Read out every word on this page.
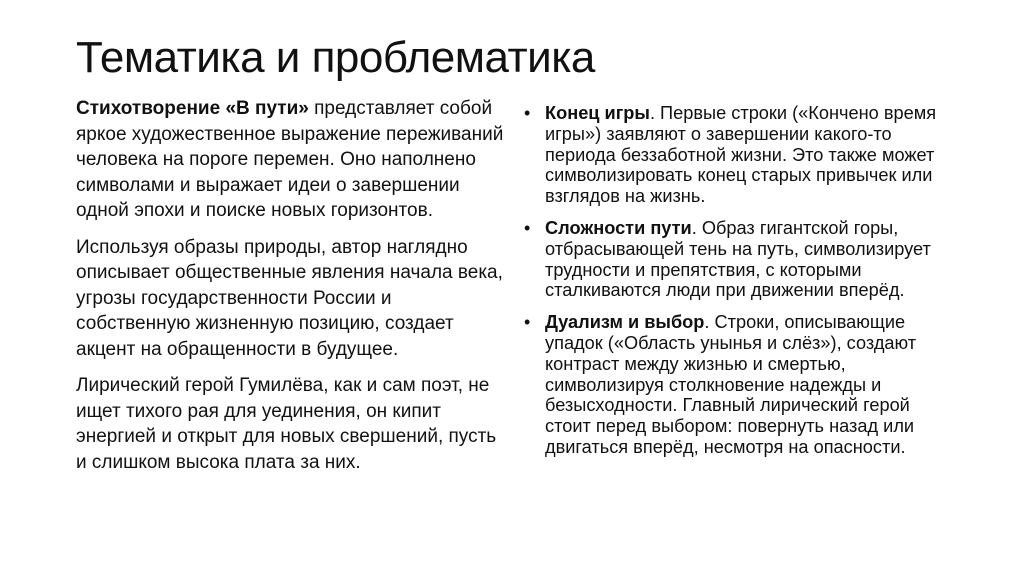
Тематика и проблематика

Стихотворение «В пути» представляет собой яркое художественное выражение переживаний человека на пороге перемен. Оно наполнено символами и выражает идеи о завершении одной эпохи и поиске новых горизонтов.

Используя образы природы, автор наглядно описывает общественные явления начала века, угрозы государственности России и собственную жизненную позицию, создает акцент на обращенности в будущее.

Лирический герой Гумилёва, как и сам поэт, не ищет тихого рая для уединения, он кипит энергией и открыт для новых свершений, пусть и слишком высока плата за них.

• Конец игры. Первые строки («Кончено время игры») заявляют о завершении какого-то периода беззаботной жизни. Это также может символизировать конец старых привычек или взглядов на жизнь.
• Сложности пути. Образ гигантской горы, отбрасывающей тень на путь, символизирует трудности и препятствия, с которыми сталкиваются люди при движении вперёд.
• Дуализм и выбор. Строки, описывающие упадок («Область унынья и слёз»), создают контраст между жизнью и смертью, символизируя столкновение надежды и безысходности. Главный лирический герой стоит перед выбором: повернуть назад или двигаться вперёд, несмотря на опасности.
